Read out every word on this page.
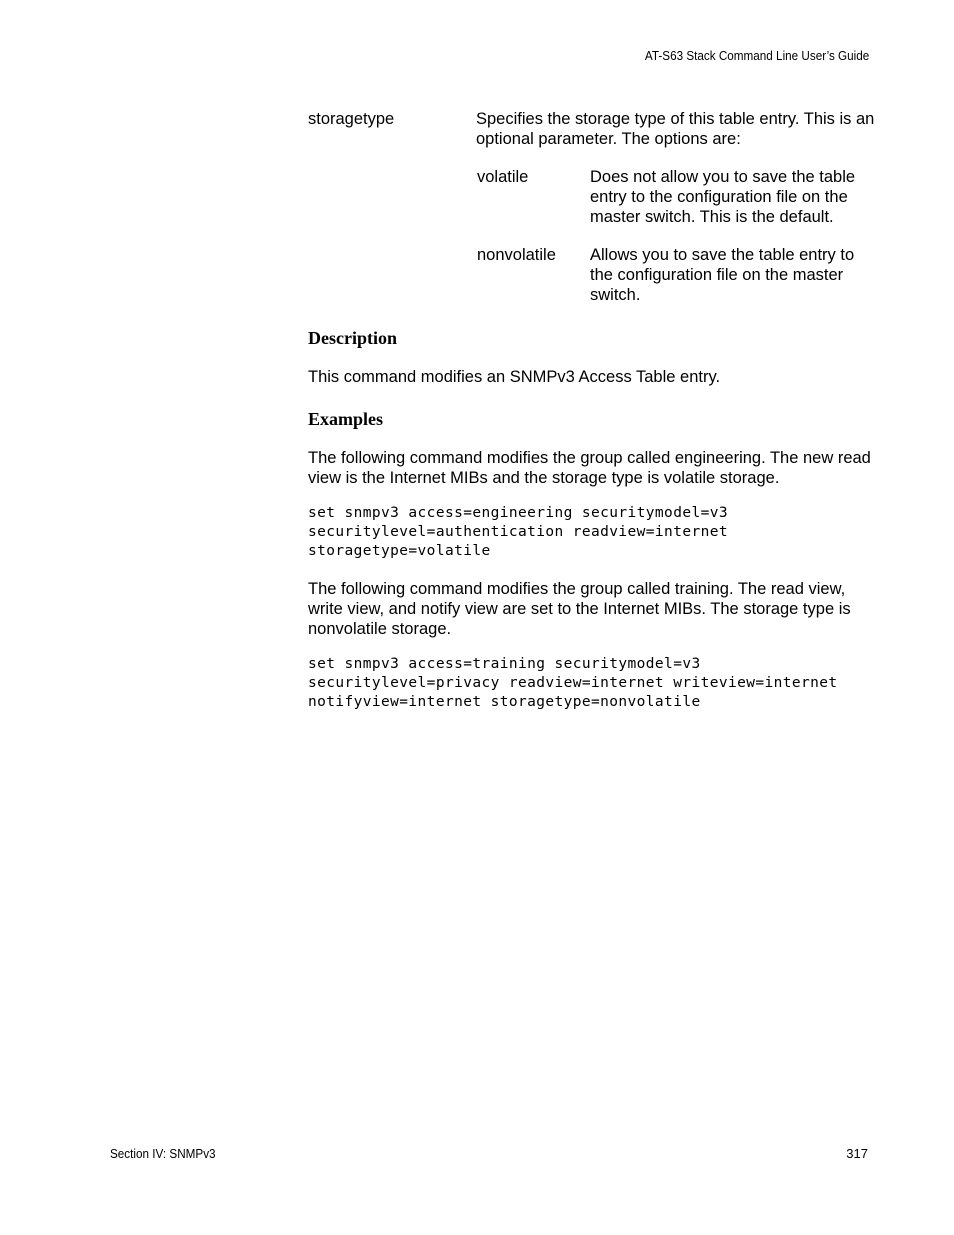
AT-S63 Stack Command Line User’s Guide
storagetype	Specifies the storage type of this table entry. This is an optional parameter. The options are:

volatile	Does not allow you to save the table entry to the configuration file on the master switch. This is the default.

nonvolatile Allows you to save the table entry to the configuration file on the master switch.

Description

This command modifies an SNMPv3 Access Table entry.

Examples

The following command modifies the group called engineering. The new read view is the Internet MIBs and the storage type is volatile storage.

set snmpv3 access=engineering securitymodel=v3
securitylevel=authentication readview=internet
storagetype=volatile

The following command modifies the group called training. The read view, write view, and notify view are set to the Internet MIBs. The storage type is nonvolatile storage.

set snmpv3 access=training securitymodel=v3
securitylevel=privacy readview=internet writeview=internet
notifyview=internet storagetype=nonvolatile
Section IV: SNMPv3	317
